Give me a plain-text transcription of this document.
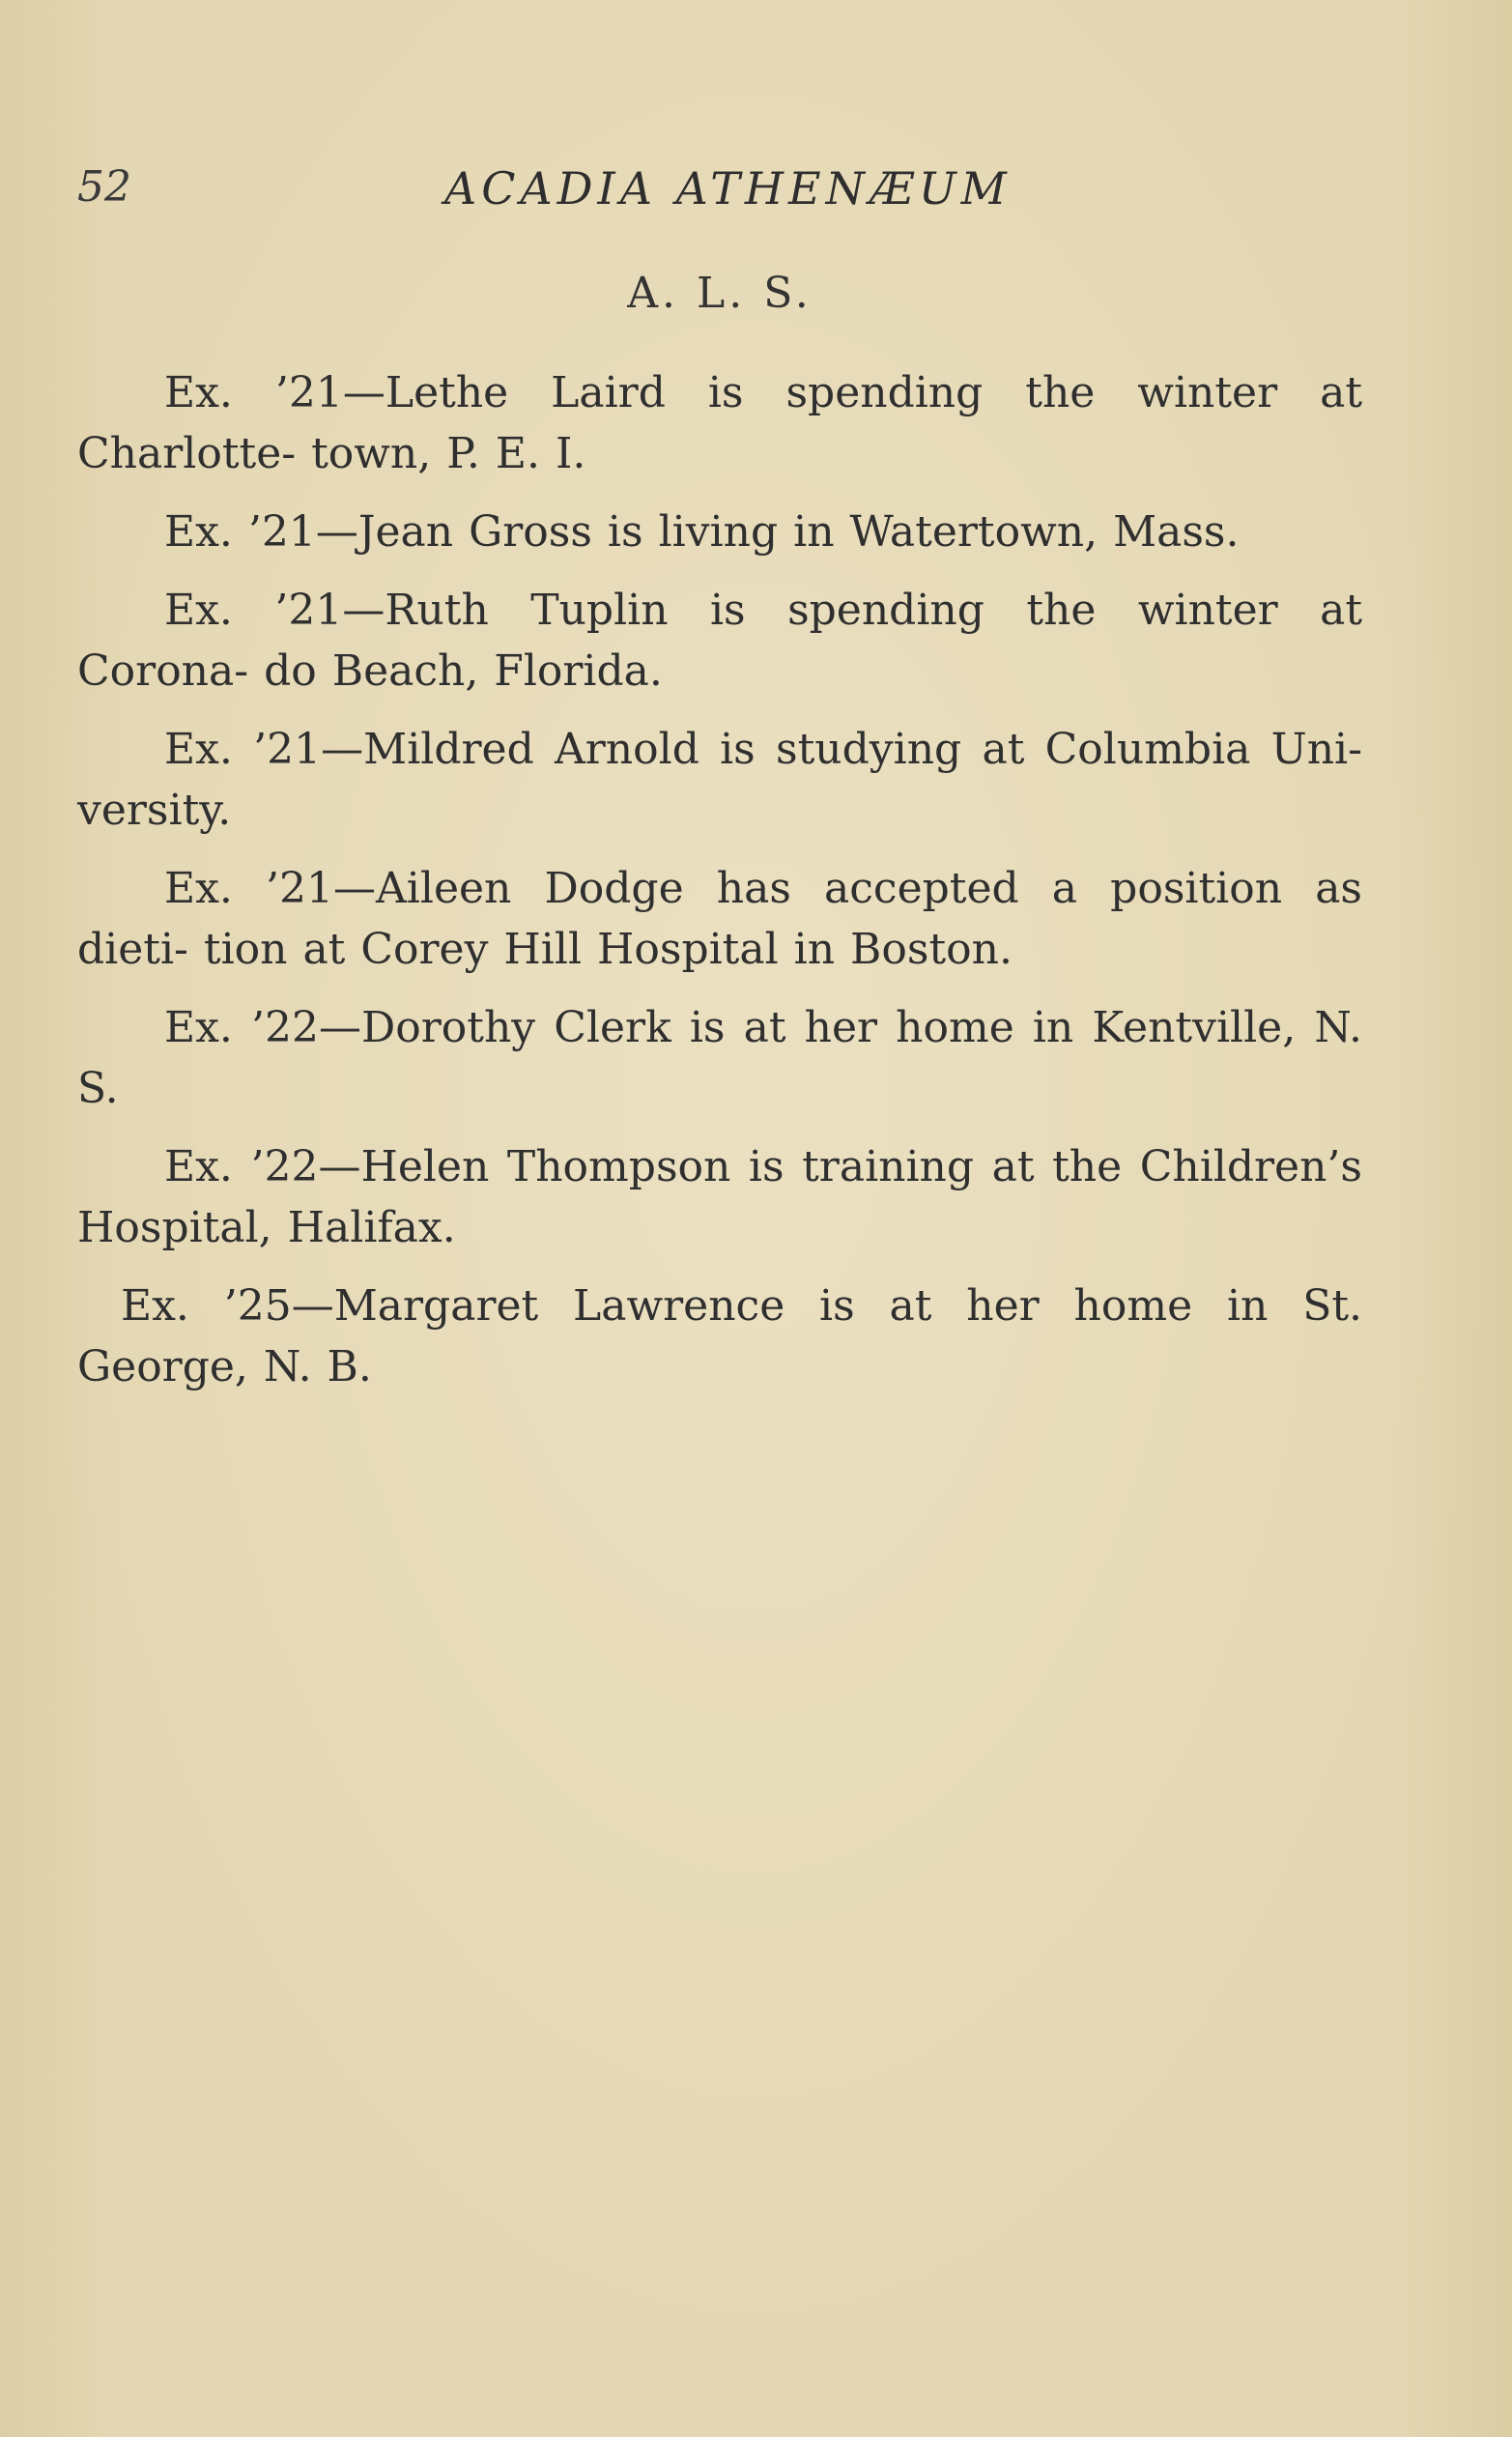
52	ACADIA ATHENÆUM
A. L. S.

Ex. ’21—Lethe Laird is spending the winter at Charlotte- town, P. E. I.

Ex. ’21—Jean Gross is living in Watertown, Mass.

Ex. ’21—Ruth Tuplin is spending the winter at Corona- do Beach, Florida.

Ex. ’21—Mildred Arnold is studying at Columbia Uni- versity.

Ex. ’21—Aileen Dodge has accepted a position as dieti- tion at Corey Hill Hospital in Boston.

Ex. ’22—Dorothy Clerk is at her home in Kentville, N. S.

Ex. ’22—Helen Thompson is training at the Children’s Hospital, Halifax.

Ex. ’25—Margaret Lawrence is at her home in St. George, N. B.
